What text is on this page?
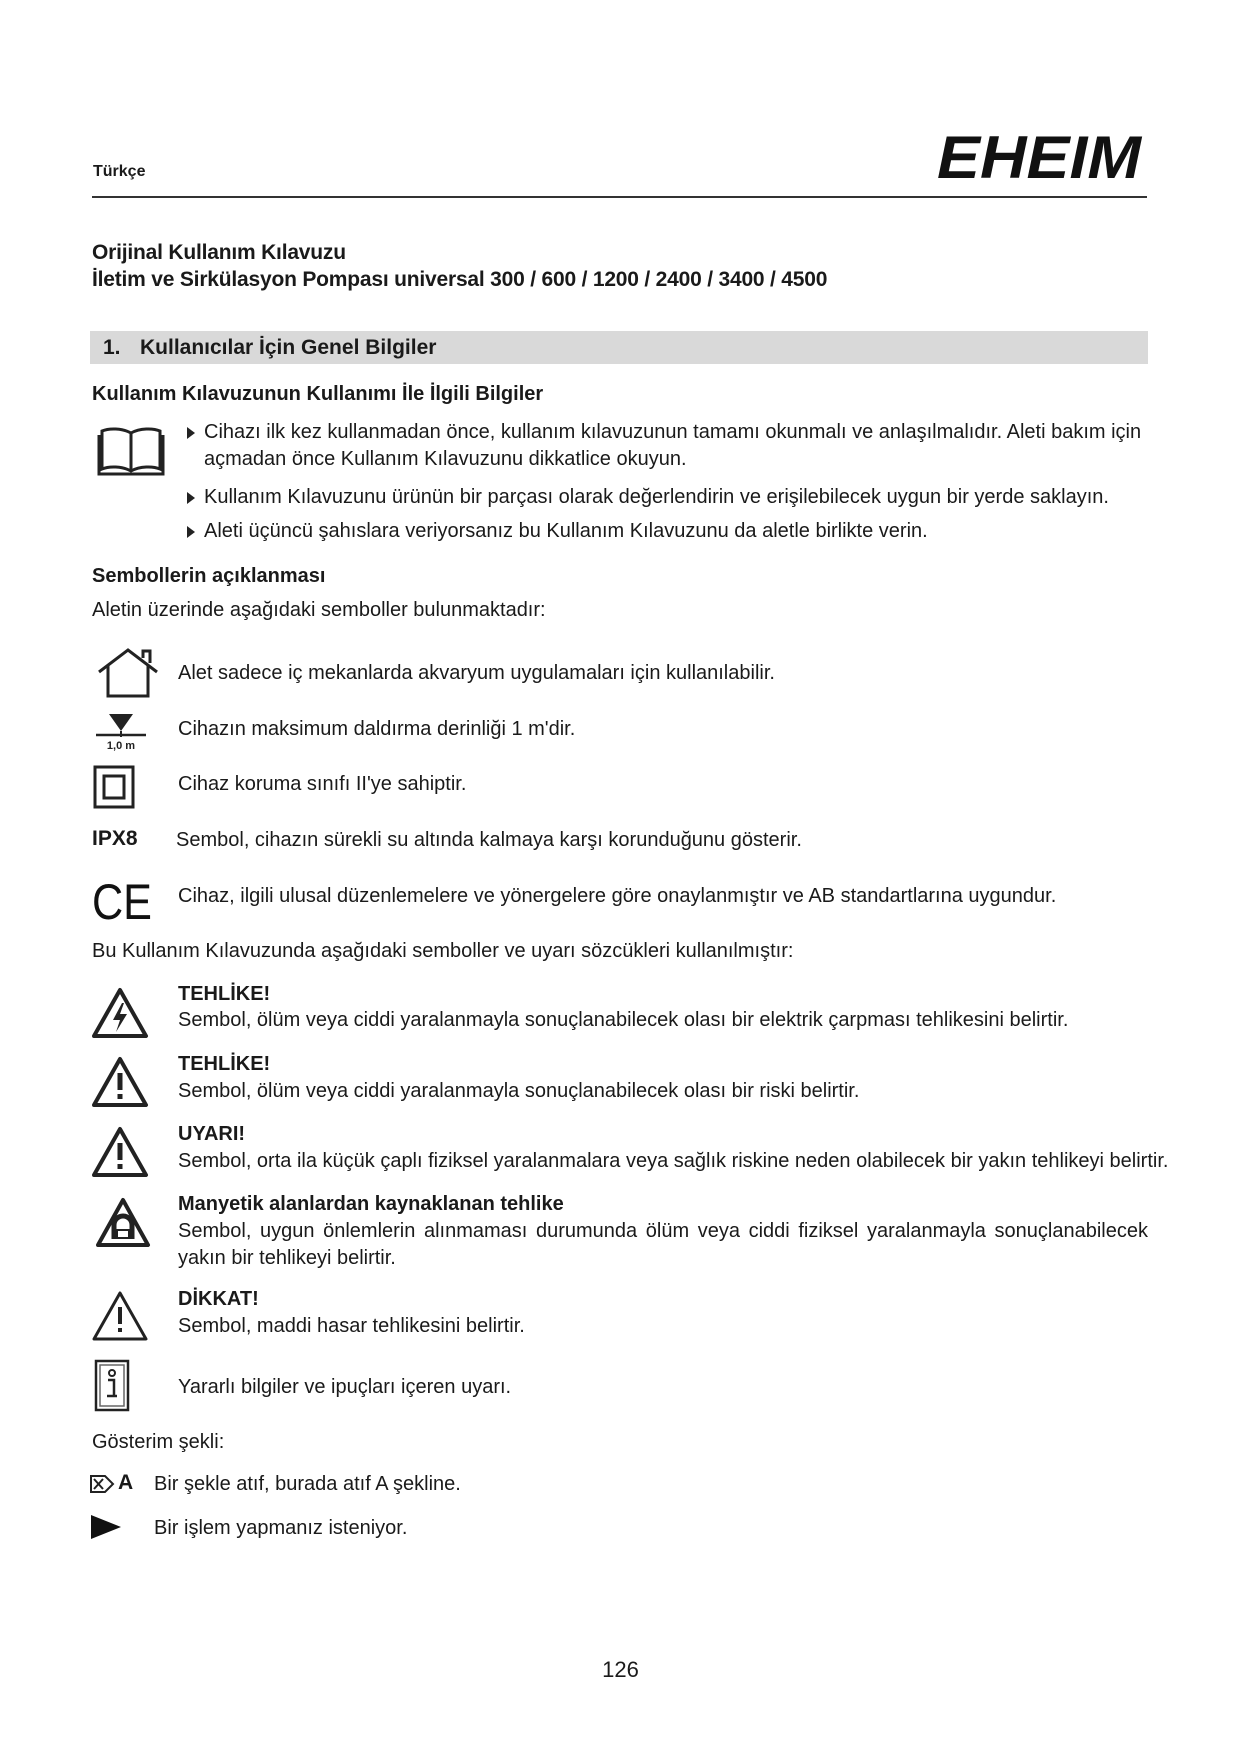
Türkçe	EHEIM
Orijinal Kullanım Kılavuzu
İletim ve Sirkülasyon Pompası universal 300 / 600 / 1200 / 2400 / 3400 / 4500
1. Kullanıcılar İçin Genel Bilgiler
Kullanım Kılavuzunun Kullanımı İle İlgili Bilgiler
Cihazı ilk kez kullanmadan önce, kullanım kılavuzunun tamamı okunmalı ve anlaşılmalıdır. Aleti bakım için açmadan önce Kullanım Kılavuzunu dikkatlice okuyun.
Kullanım Kılavuzunu ürünün bir parçası olarak değerlendirin ve erişilebilecek uygun bir yerde saklayın.
Aleti üçüncü şahıslara veriyorsanız bu Kullanım Kılavuzunu da aletle birlikte verin.
Sembollerin açıklanması
Aletin üzerinde aşağıdaki semboller bulunmaktadır:
Alet sadece iç mekanlarda akvaryum uygulamaları için kullanılabilir.
1,0 m
Cihazın maksimum daldırma derinliği 1 m'dir.
Cihaz koruma sınıfı II'ye sahiptir.
IPX8 Sembol, cihazın sürekli su altında kalmaya karşı korunduğunu gösterir.
CE Cihaz, ilgili ulusal düzenlemelere ve yönergelere göre onaylanmıştır ve AB standartlarına uygundur.
Bu Kullanım Kılavuzunda aşağıdaki semboller ve uyarı sözcükleri kullanılmıştır:
TEHLİKE!
Sembol, ölüm veya ciddi yaralanmayla sonuçlanabilecek olası bir elektrik çarpması tehlikesini belirtir.
TEHLİKE!
Sembol, ölüm veya ciddi yaralanmayla sonuçlanabilecek olası bir riski belirtir.
UYARI!
Sembol, orta ila küçük çaplı fiziksel yaralanmalara veya sağlık riskine neden olabilecek bir yakın tehlikeyi belirtir.
Manyetik alanlardan kaynaklanan tehlike
Sembol, uygun önlemlerin alınmaması durumunda ölüm veya ciddi fiziksel yaralanmayla sonuçlanabilecek yakın bir tehlikeyi belirtir.
DİKKAT!
Sembol, maddi hasar tehlikesini belirtir.
Yararlı bilgiler ve ipuçları içeren uyarı.
Gösterim şekli:
A Bir şekle atıf, burada atıf A şekline.
Bir işlem yapmanız isteniyor.
126
